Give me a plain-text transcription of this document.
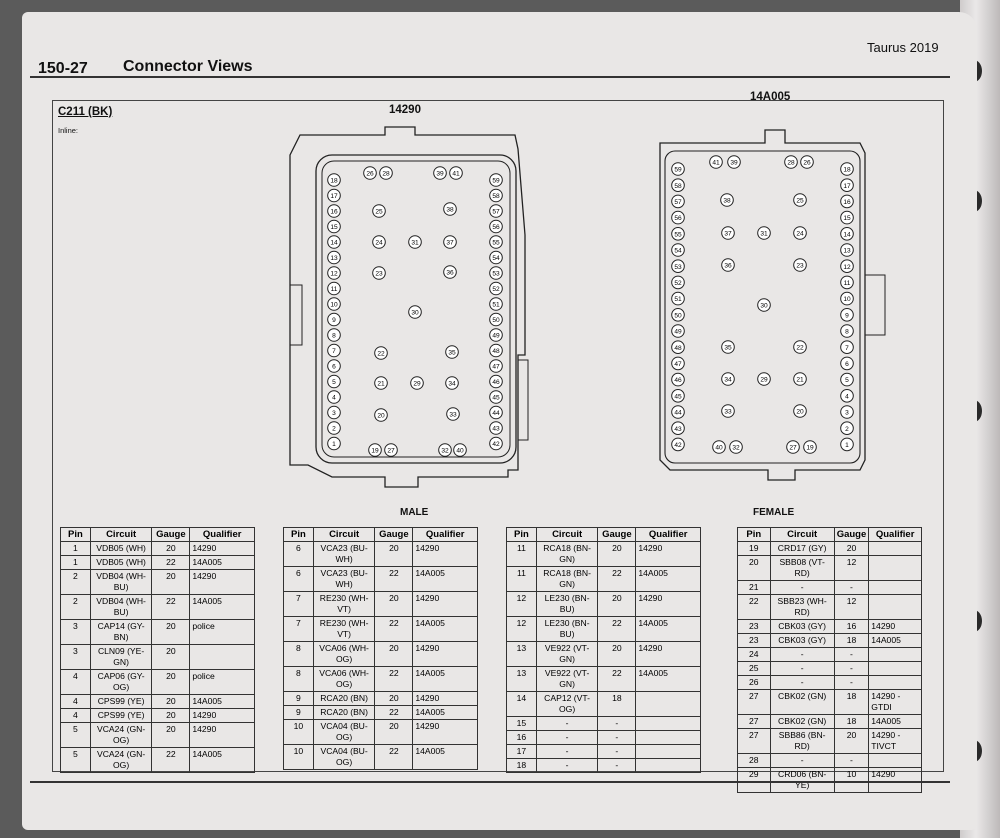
Taurus 2019
150-27 Connector Views
C211 (BK)
Inline:
14290
14A005
MALE	FEMALE
18
17
16
15
14
13
12
11
10
9
8
7
6
5
4
3
2
1
59
58
57
56
55
54
53
52
51
50
49
48
47
46
45
44
43
42
26 28	39 41
19 27	32 40
25	38
24	31	37
23	36
30
22	35
21	29	34
20	33
59
58
57
56
55
54
53
52
51
50
49
48
47
46
45
44
43
42
18
17
16
15
14
13
12
11
10
9
8
7
6
5
4
3
2
1
41 39	28 26
40 32	27 19
38	25
37	31	24
36	23
30
35	22
34	29	21
33	20
Pin	Circuit	Gauge	Qualifier
1	VDB05 (WH)	20	14290
1	VDB05 (WH)	22	14A005
2	VDB04 (WH-BU)	20	14290
2	VDB04 (WH-BU)	22	14A005
3	CAP14 (GY-BN)	20	police
3	CLN09 (YE-GN)	20	
4	CAP06 (GY-OG)	20	police
4	CPS99 (YE)	20	14A005
4	CPS99 (YE)	20	14290
5	VCA24 (GN-OG)	20	14290
5	VCA24 (GN-OG)	22	14A005
Pin	Circuit	Gauge	Qualifier
6	VCA23 (BU-WH)	20	14290
6	VCA23 (BU-WH)	22	14A005
7	RE230 (WH-VT)	20	14290
7	RE230 (WH-VT)	22	14A005
8	VCA06 (WH-OG)	20	14290
8	VCA06 (WH-OG)	22	14A005
9	RCA20 (BN)	20	14290
9	RCA20 (BN)	22	14A005
10	VCA04 (BU-OG)	20	14290
10	VCA04 (BU-OG)	22	14A005
Pin	Circuit	Gauge	Qualifier
11	RCA18 (BN-GN)	20	14290
11	RCA18 (BN-GN)	22	14A005
12	LE230 (BN-BU)	20	14290
12	LE230 (BN-BU)	22	14A005
13	VE922 (VT-GN)	20	14290
13	VE922 (VT-GN)	22	14A005
14	CAP12 (VT-OG)	18	
15	-	-	
16	-	-	
17	-	-	
18	-	-	
Pin	Circuit	Gauge	Qualifier
19	CRD17 (GY)	20	
20	SBB08 (VT-RD)	12	
21	-	-	
22	SBB23 (WH-RD)	12	
23	CBK03 (GY)	16	14290
23	CBK03 (GY)	18	14A005
24	-	-	
25	-	-	
26	-	-	
27	CBK02 (GN)	18	14290 - GTDI
27	CBK02 (GN)	18	14A005
27	SBB86 (BN-RD)	20	14290 - TIVCT
28	-	-	
29	CRD06 (BN-YE)	10	14290
